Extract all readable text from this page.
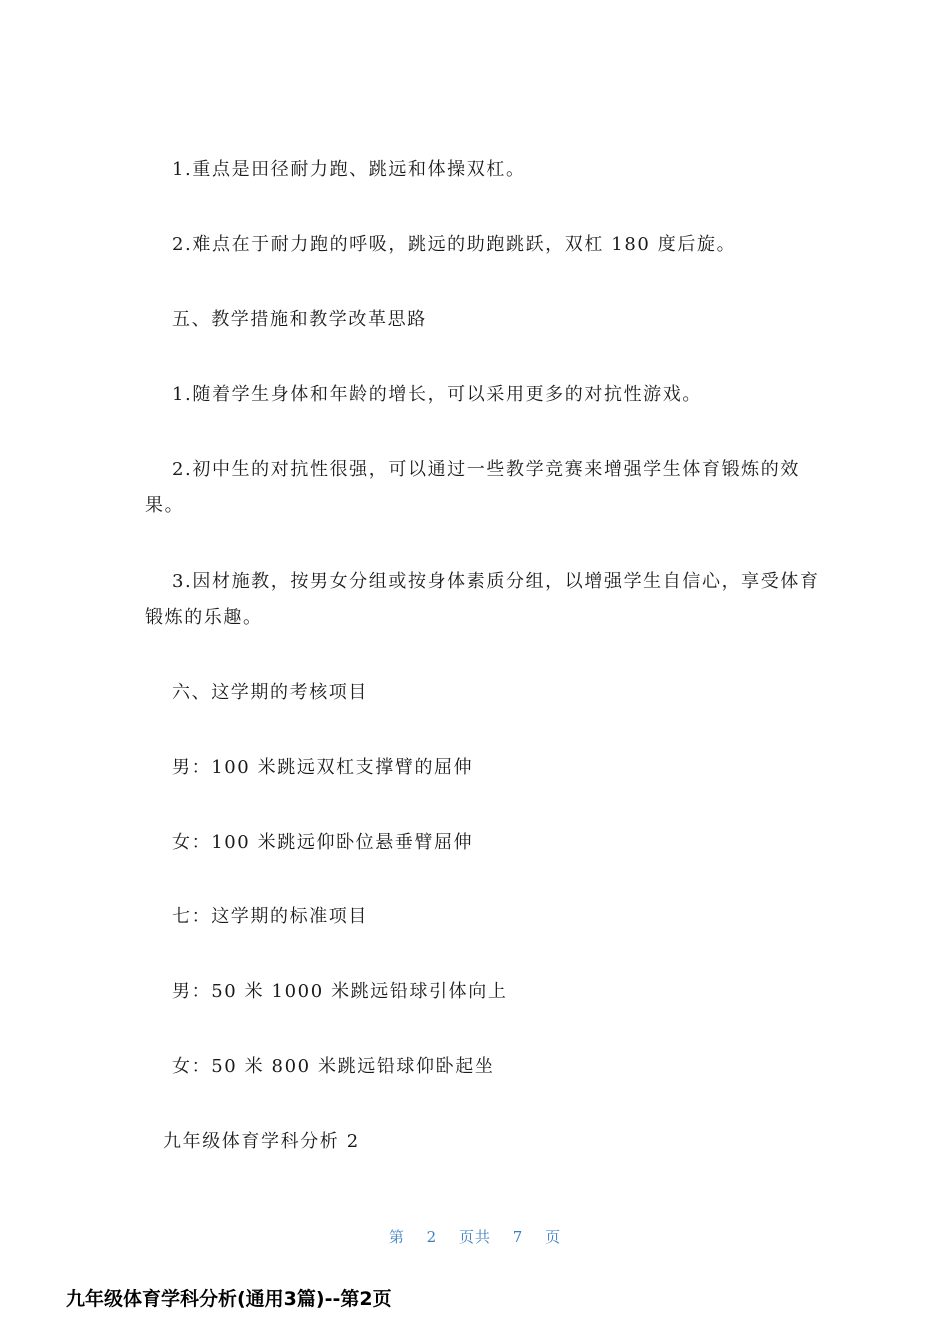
1.重点是田径耐力跑、跳远和体操双杠。
2.难点在于耐力跑的呼吸，跳远的助跑跳跃，双杠 180 度后旋。
五、教学措施和教学改革思路
1.随着学生身体和年龄的增长，可以采用更多的对抗性游戏。
2.初中生的对抗性很强，可以通过一些教学竞赛来增强学生体育锻炼的效
果。
3.因材施教，按男女分组或按身体素质分组，以增强学生自信心，享受体育
锻炼的乐趣。
六、这学期的考核项目
男：100 米跳远双杠支撑臂的屈伸
女：100 米跳远仰卧位悬垂臂屈伸
七：这学期的标准项目
男：50 米 1000 米跳远铅球引体向上
女：50 米 800 米跳远铅球仰卧起坐
九年级体育学科分析 2
第 2 页共 7 页
九年级体育学科分析(通用3篇)--第2页
